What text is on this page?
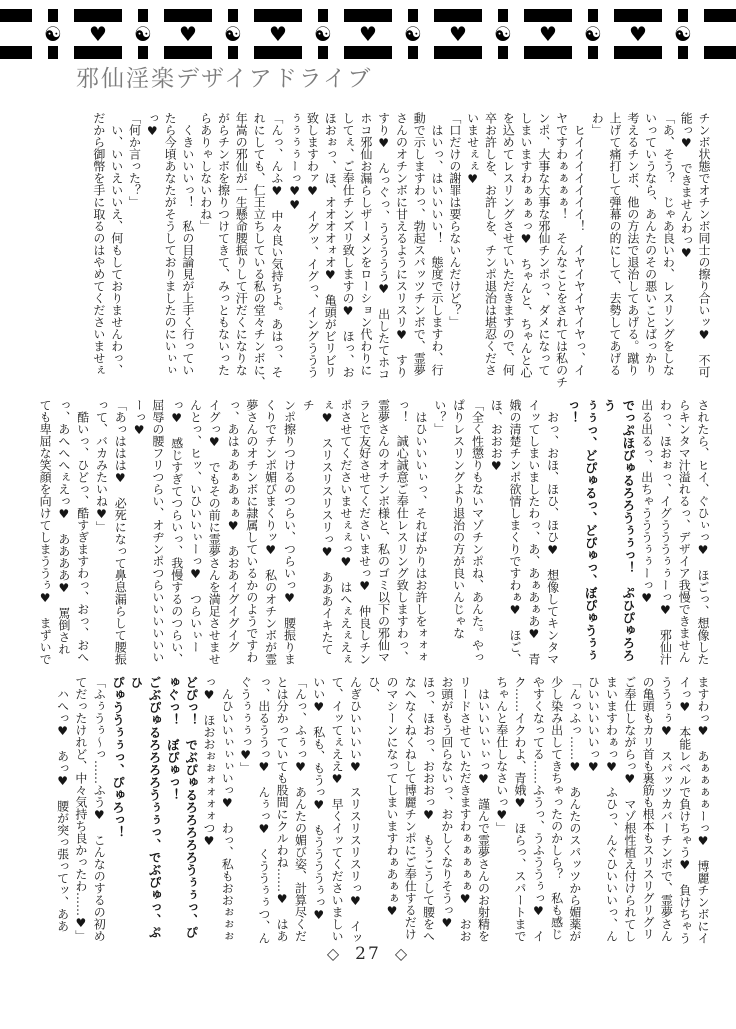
☯ ♥ ☯ ♥ ☯ ♥ ☯ ♥ ☯ ♥ ☯ ♥ ☯ ♥ ☯
邪仙淫楽デザイアドライブ
チンボ状態でオチンボ同士の擦り合いッ♥　不可
能っ♥　できませんわっ♥
「あ、そう？　じゃあ良いわ、レスリングをしな
いっていうなら、あんたのその悪いことばっかり
考えるチンボ、他の方法で退治してあげる。蹴り
上げて痛打して弾幕の的にして、去勢してあげる
わ」
　ヒイイイイイイイ！　イヤイヤイヤイヤっ、イ
ヤですわぁぁぁぁ！　そんなことをされては私のチ
ンポ、大事な大事な邪仙チンポっ、ダメになって
しまいますわぁぁぁっ♥　ちゃんと、ちゃんと心
を込めてレスリングさせていただきますので、何
卒お許しを、お許しを、チンポ退治は堪忍くださ
いませぇぇ♥
「口だけの謝罪は要らないんだけど？」
　はいっ、はいいいい！　態度で示しますわ、行
動で示しますわっ、勃起スパッツチンボで、霊夢
さんのオチンボに甘えるようにスリスリ♥　すり
すり♥　んっぐっ、ううううう♥　出したてホコ
ホコ邪仙お漏らしザーメンをローション代わりに
してぇ、ご奉仕チンズリ致しますの♥　ほっ、お
ほおぉっ、ほ、オオオオォオ♥　亀頭がビリビリ
致しますわァ♥　イグッ、イグっ、イングううう
ぅぅぅぅーっ♥♥
「んっ、んふ♥　中々良い気持ちよ。あはっ、そ
れにしても、仁王立ちしている私の堂々チンボに、
年嵩の邪仙が一生懸命腰振りして汗だくになりな
がらチンボを擦りつけてきて、みっともないった
らありゃしないわね」
　くきいいいっ！　私の目論見が上手く行ってい
たら今頃あなたがそうしておりましたのにいぃぃ
っ♥
「何か言った？」
　い、いいえいいえ、何もしておりませんわっ、
だから御幣を手に取るのはやめてくださいませぇ
されたら、ヒイ、ぐひぃっ♥　ほごっ、想像した
らキンタマ汁溢れるっ、デザイア我慢できません
わっ、ほおぉっ、イグうううぅぅーっ♥　邪仙汁
出る出るっ、出ちゃうううぅぅーっ♥
でっぷほぴゅるろろうぅぅっ！　ぷひぴゅろろう
ぅぅっ、どぴゅるっ、どぴゅっ、ぼぴゅうぅぅっ！
　おっ、おほ、ほひ、ほひ♥　想像してキンタマ
イッてしまいましたわっ、あ、あぁあぁあ♥　青
娥の清楚チンポ欲情しまくりですわぁ♥　ほご、
ほ、おおお♥
「全く性懲りもないマゾチンポね、あんた。やっ
ぱりレスリングより退治の方が良いんじゃな
い？」
　はひいいいぃっ、そればかりはお許しをォォォ
っ！　誠心誠意ご奉仕レスリング致しますわっ、
霊夢さんのオチンボ様と、私のゴミ以下の邪仙マ
ラとで友好させてくださいませっ♥　仲良しチン
ポさせてくださいませぇぇっ♥　はへぇえぇえぇ
ぇ♥　スリスリスリスリっ♥　あああイキたてチ
ンポ擦りつけるのつらい、つらいっ♥　腰振りま
くりでチンポ媚びまくりッ♥　私のオチンボが霊
夢さんのオチンボに隷属しているかのようですわ
っ、あはぁあぁあぁぁ♥　あおあイグイグイグ
イグっ♥　でもその前に霊夢さんを満足させませ
んとっ、ヒッ、いひいいぃーっ♥　つらいぃー
っ♥　感じすぎてつらいっ、我慢するのつらい、
屈辱の腰フリつらい、オヂンポつらいいいいいい
ーっ♥
「あっははは♥　必死になって鼻息漏らして腰振
って、バカみたいね♥」
　酷いっ、ひどっ、酷すぎますわっ、おっ、おへ
っ、あへへへぇえっ♥　ああああ♥　罵倒され
ても卑屈な笑顔を向けてしまううぅ♥　まずいで
ますわっ♥　あぁぁぁぁーっ♥　博麗チンボにイ
イっ♥　本能レベルで負けちゃう♥　負けちゃう
ううぅぅ♥　スパッツカバーチンボで、霊夢さん
の亀頭もカリ首も裏筋も根本もスリスリグリグリ
ご奉仕しながらっ♥　マゾ根性植え付けられてし
まいますわぁっ♥　ふひっ、んぐひいいいっ、ん
ひいいいいいっ♥
「んっふっ……♥　あんたのスパッツから媚薬が
少し染み出してきちゃったのかしら？　私も感じ
やすくなってる……ふうっ、うふううぅっ♥　イ
ク……イクわよ、青娥♥　ほらっ、スパートまで
ちゃんと奉仕しなさいっ♥」
　はいいいぃぃっ♥　謹んで霊夢さんのお射精を
リードさせていただきますわぁぁぁぁぁ♥　おお
お頭がもう回らないっ、おかしくなりそうっ♥
ほっ、ほおっ、おおおっ♥　もうこうして腰をへ
なへなくねくねして博麗チンポにご奉仕するだけ
のマシーンになってしまいますわぁあぁぁ♥　ひ、
んぎひいいいい♥　スリスリスリスリっ♥　イッ
て、イッてぇええ♥　早くイッてくださいましい
いい♥　私も、もうっ♥　もううううぅっ♥
「んっ、ふぅっ♥　あんたの媚び姿、計算尽くだ
とは分かっていても股間にクルわね……♥　はあ
っ、出るううっ♥　んぅっ♥　くううぅぅつ、ん
ぐうぅぅぅっ♥」
　んひいいぃぃぃいっ♥　わっ、私もおおぉぉぉ
っ♥　ほおおぉぉォォォォつ♥
どぴっ！　でぶぴゅるろろろろろうぅぅっ、ぴ
ゅぐっ！　ぼぴゅっ！
ごぶぴゅるろろろろうぅぅっ、でぶぴゅっ、ぷひ
ぴゅううぅぅっ、ぴゅろっ！
「ふぅうぅ〜っ……ふう♥　こんなのするの初め
てだったけれど、中々気持ち良かったわ……♥」
　ハへっ♥　あっ♥　腰が突っ張ってッ、ああ
◇ 27 ◇
